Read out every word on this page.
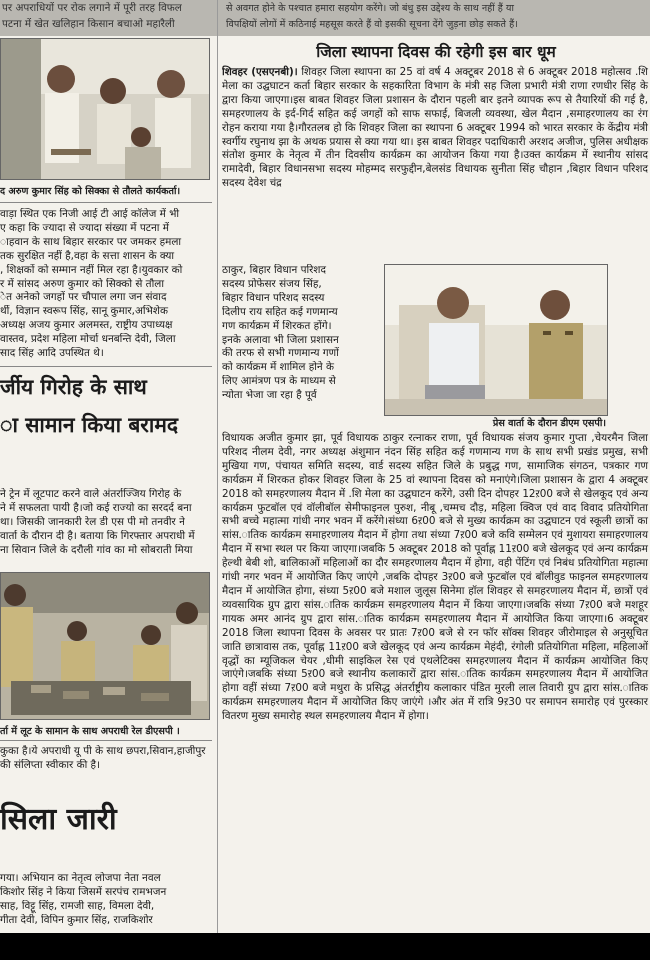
पर अपराधियों पर रोक लगाने में पूरी तरह विफल
पटना में खेत खलिहान किसान बचाओ महारैली
से अवगत होने के पश्चात हमारा सहयोग करेंगे। जो बंधु इस उद्देश्य के साथ नहीं हैं या
विपक्षियों लोगों में कठिनाई महसूस करते हैं वो इसकी सूचना देंगे जुड़ना छोड़ सकते हैं।
द अरुण कुमार सिंह को सिक्का से तौलते कार्यकर्ता।
वाड़ा स्थित एक निजी आई टी आई कॉलेज में भी
ए कहा कि ज्यादा से ज्यादा संख्या में पटना में
ाहवान के साथ बिहार सरकार पर जमकर हमला
तक सुरक्षित नहीं है,वहा के सत्ता शासन के क्या
, शिक्षकों को सम्मान नहीं मिल रहा है।युवकार को
र में सांसद अरुण कुमार को सिक्को से तौला
ेत अनेको जगहों पर चौपाल लगा जन संवाद
र्थी, विज्ञान स्वरूप सिंह, सानू कुमार,अभिशेक
अध्यक्ष अजय कुमार अलमस्त, राष्ट्रीय उपाध्यक्ष
वास्तव, प्रदेश महिला मोर्चा धनबन्ति देवी, जिला
साद सिंह आदि उपस्थित थे।
र्जीय गिरोह के साथ
ा सामान किया बरामद
ने ट्रेन में लूटपाट करने वाले अंतर्राज्जिय गिरोह के
ने में सफलता पायी है।जो कई राज्यो का सरदर्द बना
था। जिसकी जानकारी रेल डी एस पी मो तनवीर ने
वार्ता के दौरान दी है। बताया कि गिरफ्तार अपराधी में
ना सिवान जिले के दरौली गांव का मो सोबराती मिया
र्ता में लूट के सामान के साथ अपराधी रेल डीएसपी ।
कुका है।ये अपराधी यू पी के साथ छपरा,सिवान,हाजीपुर
की संलिप्ता स्वीकार की है।
सिला जारी
गया। अभियान का नेतृत्व लोजपा नेता नवल
किशोर सिंह ने किया जिसमें सरपंच रामभजन
साह, विट्टू सिंह, रामजी साह, विमला देवी,
गीता देवी, विपिन कुमार सिंह, राजकिशोर
जिला स्थापना दिवस की रहेगी इस बार धूम

शिवहर (एसएनबी)। शिवहर जिला स्थापना का 25 वां वर्ष 4 अक्टूबर 2018 से 6 अक्टूबर 2018 महोत्सव .शि मेला का उद्घघाटन कर्ता बिहार सरकार के सहकारिता विभाग के मंत्री सह जिला प्रभारी मंत्री राणा रणधीर सिंह के द्वारा किया जाएगा।इस बाबत शिवहर जिला प्रशासन के दौरान पहली बार इतने व्यापक रूप से तैयारियों की गई है, समहरणालय के इर्द-गिर्द सहित कई जगहों को साफ सफाई, बिजली व्यवस्था, खेल मैदान ,समाहरणालय का रंग रोहन कराया गया है।गौरतलब हो कि शिवहर जिला का स्थापना 6 अक्टूबर 1994 को भारत सरकार के केंद्रीय मंत्री स्वर्गीय रघुनाथ झा के अथक प्रयास से क्या गया था। इस बाबत शिवहर पदाधिकारी अरशद अजीज, पुलिस अधीक्षक संतोश कुमार के नेतृत्व में तीन दिवसीय कार्यक्रम का आयोजन किया गया है।उक्त कार्यक्रम में स्थानीय सांसद रामादेवी, बिहार विधानसभा सदस्य मोहम्मद सरफुद्दीन,बेलसंड विधायक सुनीता सिंह चौहान ,बिहार विधान परिशद सदस्य देवेश चंद्र

ठाकुर, बिहार विधान परिशद
सदस्य प्रोफेसर संजय सिंह,
बिहार विधान परिशद सदस्य
दिलीप राय सहित कई गणमान्य
गण कार्यक्रम में शिरकत होंगे।
इनके अलावा भी जिला प्रशासन
की तरफ से सभी गणमान्य गणों
को कार्यक्रम में शामिल होने के
लिए आमंत्रण पत्र के माध्यम से
न्योता भेजा जा रहा है पूर्व
प्रेस वार्ता के दौरान डीएम एसपी।

विधायक अजीत कुमार झा, पूर्व विधायक ठाकुर रत्नाकर राणा, पूर्व विधायक संजय कुमार गुप्ता ,चेयरमैन जिला परिशद नीलम देवी, नगर अध्यक्ष अंशुमान नंदन सिंह सहित कई गणमान्य गण के साथ सभी प्रखंड प्रमुख, सभी मुखिया गण, पंचायत समिति सदस्य, वार्ड सदस्य सहित जिले के प्रबुद्ध गण, सामाजिक संगठन, पत्रकार गण कार्यक्रम में शिरकत होकर शिवहर जिला के 25 वां स्थापना दिवस को मनाएंगे।जिला प्रशासन के द्वारा 4 अक्टूबर 2018 को समहरणालय मैदान में .शि मेला का उद्घघाटन करेंगे, उसी दिन दोपहर 12ऱ00 बजे से खेलकूद एवं अन्य कार्यक्रम फुटबॉल एवं वॉलीबॉल सेमीफाइनल पुरुश, नीबू ,चम्मच दौड़, महिला क्विज एवं वाद विवाद प्रतियोगिता सभी बच्चे महात्मा गांधी नगर भवन में करेंगे।संध्या 6ऱ00 बजे से मुख्य कार्यक्रम का उद्घघाटन एवं स्कूली छात्रों का सांस.ातिक कार्यक्रम समाहरणालय मैदान में होगा तथा संध्या 7ऱ00 बजे कवि सम्मेलन एवं मुशायरा समाहरणालय मैदान में सभा स्थल पर किया जाएगा।जबकि 5 अक्टूबर 2018 को पूर्वाह्न 11ऱ00 बजे खेलकूद एवं अन्य कार्यक्रम हेल्थी बेबी शो, बालिकाओं महिलाओं का दौर समहरणालय मैदान में होगा, वही पेंटिंग एवं निबंध प्रतियोगिता महात्मा गांधी नगर भवन में आयोजित किए जाएंगे ,जबकि दोपहर 3ऱ00 बजे फुटबॉल एवं बॉलीवुड फाइनल समहरणालय मैदान में आयोजित होगा, संध्या 5ऱ00 बजे मशाल जुलूस सिनेमा हॉल शिवहर से समहरणालय मैदान में, छात्रों एवं व्यवसायिक ग्रुप द्वारा सांस.ातिक कार्यक्रम समहरणालय मैदान में किया जाएगा।जबकि संध्या 7ऱ00 बजे मशहूर गायक अमर आनंद ग्रुप द्वारा सांस.ातिक कार्यक्रम समहरणालय मैदान में आयोजित किया जाएगा।6 अक्टूबर 2018 जिला स्थापना दिवस के अवसर पर प्रातः 7ऱ00 बजे से रन फॉर सॉक्स शिवहर जीरोमाइल से अनुसूचित जाति छात्रावास तक, पूर्वाह्न 11ऱ00 बजे खेलकूद एवं अन्य कार्यक्रम मेहंदी, रंगोली प्रतियोगिता महिला, महिलाओं वृद्धों का म्यूजिकल चेयर ,धीमी साइकिल रेस एवं एथलेटिक्स समहरणालय मैदान में कार्यक्रम आयोजित किए जाएंगे।जबकि संध्या 5ऱ00 बजे स्थानीय कलाकारों द्वारा सांस.ातिक कार्यक्रम समहरणालय मैदान में आयोजित होगा वहीं संध्या 7ऱ00 बजे मथुरा के प्रसिद्ध अंतर्राष्ट्रीय कलाकार पंडित मुरली लाल तिवारी ग्रुप द्वारा सांस.ातिक कार्यक्रम समहरणालय मैदान में आयोजित किए जाएंगे ।और अंत में रात्रि 9ऱ30 पर समापन समारोह एवं पुरस्कार वितरण मुख्य समारोह स्थल समहरणालय मैदान में होगा।
